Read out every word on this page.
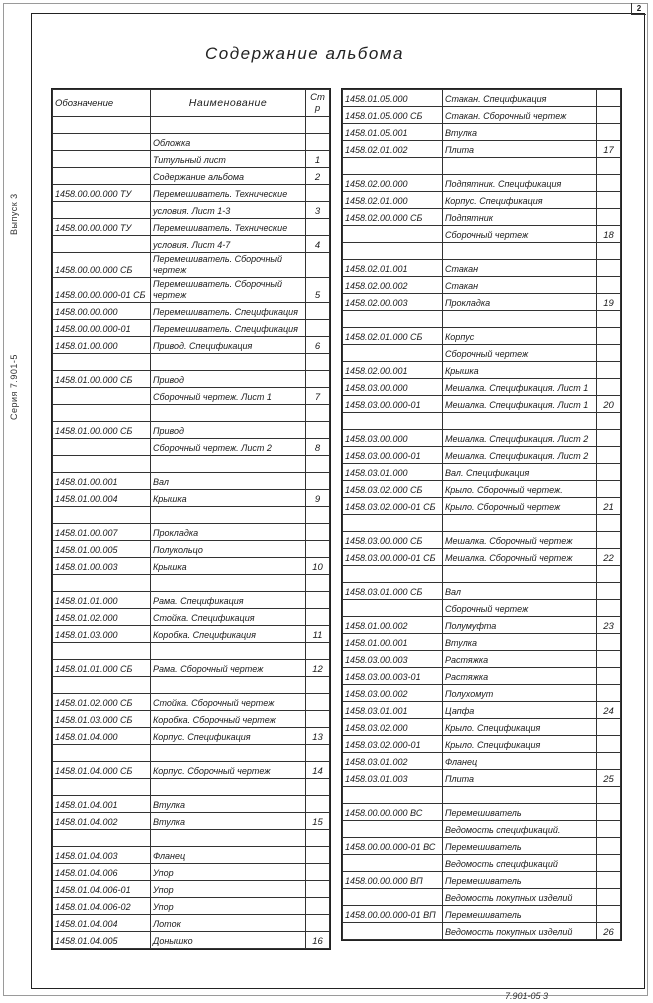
2
Выпуск 3
Серия 7.901-5
Содержание альбома
Обозначение	Наименование	Стр

	Обложка	
	Титульный лист	1
	Содержание альбома	2
1458.00.00.000 ТУ	Перемешиватель. Технические	
	условия. Лист 1-3	3
1458.00.00.000 ТУ	Перемешиватель. Технические	
	условия. Лист 4-7	4
1458.00.00.000 СБ	Перемешиватель. Сборочный чертеж	
1458.00.00.000-01 СБ	Перемешиватель. Сборочный чертеж	5
1458.00.00.000	Перемешиватель. Спецификация	
1458.00.00.000-01	Перемешиватель. Спецификация	
1458.01.00.000	Привод. Спецификация	6

1458.01.00.000 СБ	Привод	
	Сборочный чертеж. Лист 1	7

1458.01.00.000 СБ	Привод	
	Сборочный чертеж. Лист 2	8

1458.01.00.001	Вал	
1458.01.00.004	Крышка	9

1458.01.00.007	Прокладка	
1458.01.00.005	Полукольцо	
1458.01.00.003	Крышка	10

1458.01.01.000	Рама. Спецификация	
1458.01.02.000	Стойка. Спецификация	
1458.01.03.000	Коробка. Спецификация	11

1458.01.01.000 СБ	Рама. Сборочный чертеж	12

1458.01.02.000 СБ	Стойка. Сборочный чертеж	
1458.01.03.000 СБ	Коробка. Сборочный чертеж	
1458.01.04.000	Корпус. Спецификация	13

1458.01.04.000 СБ	Корпус. Сборочный чертеж	14

1458.01.04.001	Втулка	
1458.01.04.002	Втулка	15

1458.01.04.003	Фланец	
1458.01.04.006	Упор	
1458.01.04.006-01	Упор	
1458.01.04.006-02	Упор	
1458.01.04.004	Лоток	
1458.01.04.005	Донышко	16
1458.01.05.000	Стакан. Спецификация	
1458.01.05.000 СБ	Стакан. Сборочный чертеж	
1458.01.05.001	Втулка	
1458.02.01.002	Плита	17

1458.02.00.000	Подпятник. Спецификация	
1458.02.01.000	Корпус. Спецификация	
1458.02.00.000 СБ	Подпятник	
	Сборочный чертеж	18

1458.02.01.001	Стакан	
1458.02.00.002	Стакан	
1458.02.00.003	Прокладка	19

1458.02.01.000 СБ	Корпус	
	Сборочный чертеж	
1458.02.00.001	Крышка	
1458.03.00.000	Мешалка. Спецификация. Лист 1	
1458.03.00.000-01	Мешалка. Спецификация. Лист 1	20

1458.03.00.000	Мешалка. Спецификация. Лист 2	
1458.03.00.000-01	Мешалка. Спецификация. Лист 2	
1458.03.01.000	Вал. Спецификация	
1458.03.02.000 СБ	Крыло. Сборочный чертеж.	
1458.03.02.000-01 СБ	Крыло. Сборочный чертеж	21

1458.03.00.000 СБ	Мешалка. Сборочный чертеж	
1458.03.00.000-01 СБ	Мешалка. Сборочный чертеж	22

1458.03.01.000 СБ	Вал	
	Сборочный чертеж	
1458.01.00.002	Полумуфта	23
1458.01.00.001	Втулка	
1458.03.00.003	Растяжка	
1458.03.00.003-01	Растяжка	
1458.03.00.002	Полухомут	
1458.03.01.001	Цапфа	24
1458.03.02.000	Крыло. Спецификация	
1458.03.02.000-01	Крыло. Спецификация	
1458.03.01.002	Фланец	
1458.03.01.003	Плита	25

1458.00.00.000 ВС	Перемешиватель	
	Ведомость спецификаций.	
1458.00.00.000-01 ВС	Перемешиватель	
	Ведомость спецификаций	
1458.00.00.000 ВП	Перемешиватель	
	Ведомость покупных изделий	
1458.00.00.000-01 ВП	Перемешиватель	
	Ведомость покупных изделий	26
7.901-05 3
